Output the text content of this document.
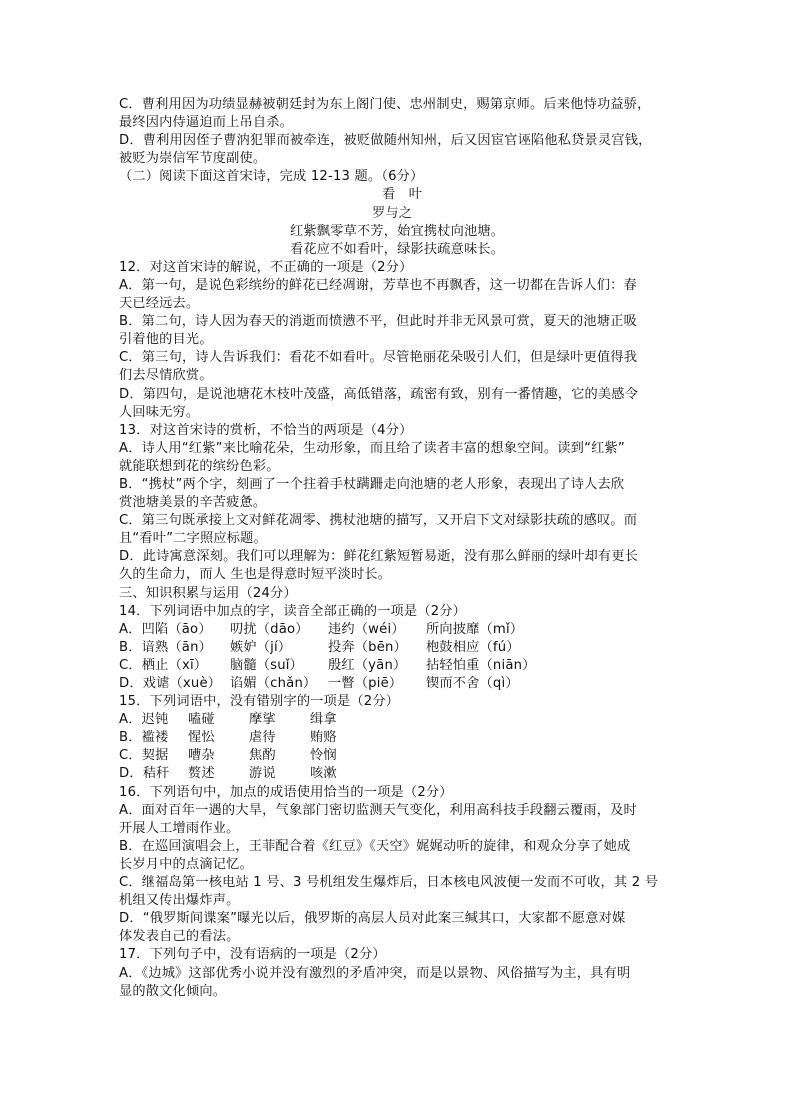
C．曹利用因为功绩显赫被朝廷封为东上阁门使、忠州制史，赐第京师。后来他恃功益骄，
最终因内侍逼迫而上吊自杀。
D．曹利用因侄子曹汭犯罪而被牵连，被贬做随州知州，后又因宦官诬陷他私贷景灵宫钱，
被贬为崇信军节度副使。
（二）阅读下面这首宋诗，完成 12-13 题。（6分）
看　叶
罗与之
红紫飘零草不芳，始宜携杖向池塘。
看花应不如看叶，绿影扶疏意味长。
12．对这首宋诗的解说，不正确的一项是（2分）
A．第一句，是说色彩缤纷的鲜花已经凋谢，芳草也不再飘香，这一切都在告诉人们：春
天已经远去。
B．第二句，诗人因为春天的消逝而愤懑不平，但此时并非无风景可赏，夏天的池塘正吸
引着他的目光。
C．第三句，诗人告诉我们：看花不如看叶。尽管艳丽花朵吸引人们，但是绿叶更值得我
们去尽情欣赏。
D．第四句，是说池塘花木枝叶茂盛，高低错落，疏密有致，别有一番情趣，它的美感令
人回味无穷。
13．对这首宋诗的赏析，不恰当的两项是（4分）
A．诗人用“红紫”来比喻花朵，生动形象，而且给了读者丰富的想象空间。读到“红紫”
就能联想到花的缤纷色彩。
B．“携杖”两个字，刻画了一个拄着手杖蹒跚走向池塘的老人形象，表现出了诗人去欣
赏池塘美景的辛苦疲惫。
C．第三句既承接上文对鲜花凋零、携杖池塘的描写，又开启下文对绿影扶疏的感叹。而
且“看叶”二字照应标题。
D．此诗寓意深刻。我们可以理解为：鲜花红紫短暂易逝，没有那么鲜丽的绿叶却有更长
久的生命力，而人 生也是得意时短平淡时长。
三、知识积累与运用（24分）
14．下列词语中加点的字，读音全部正确的一项是（2分）
A．凹陷（āo） 叨扰（dāo） 违约（wéi） 所向披靡（mǐ）
B．谙熟（ān） 嫉妒（jí）	投奔（bēn） 枹鼓相应（fú）
C．栖止（xī） 脑髓（suǐ） 殷红（yān） 拈轻怕重（niān）
D．戏谑（xuè） 谄媚（chǎn） 一瞥（piē） 锲而不舍（qì）
15．下列词语中，没有错别字的一项是（2分）
A．迟钝 嗑碰	摩挲	缉拿
B．褴褛 惺忪	虐待	贿赂
C．契据 嘈杂	焦酌	怜悯
D．秸秆 赘述	游说	咳漱
16．下列语句中，加点的成语使用恰当的一项是（2分）
A．面对百年一遇的大旱，气象部门密切监测天气变化，利用高科技手段翻云覆雨，及时
开展人工增雨作业。
B．在巡回演唱会上，王菲配合着《红豆》《天空》娓娓动听的旋律，和观众分享了她成
长岁月中的点滴记忆。
C．继福岛第一核电站 1 号、3 号机组发生爆炸后，日本核电风波便一发而不可收，其 2 号
机组又传出爆炸声。
D．“俄罗斯间谍案”曝光以后，俄罗斯的高层人员对此案三缄其口，大家都不愿意对媒
体发表自己的看法。
17．下列句子中，没有语病的一项是（2分）
A．《边城》这部优秀小说并没有激烈的矛盾冲突，而是以景物、风俗描写为主，具有明
显的散文化倾向。
